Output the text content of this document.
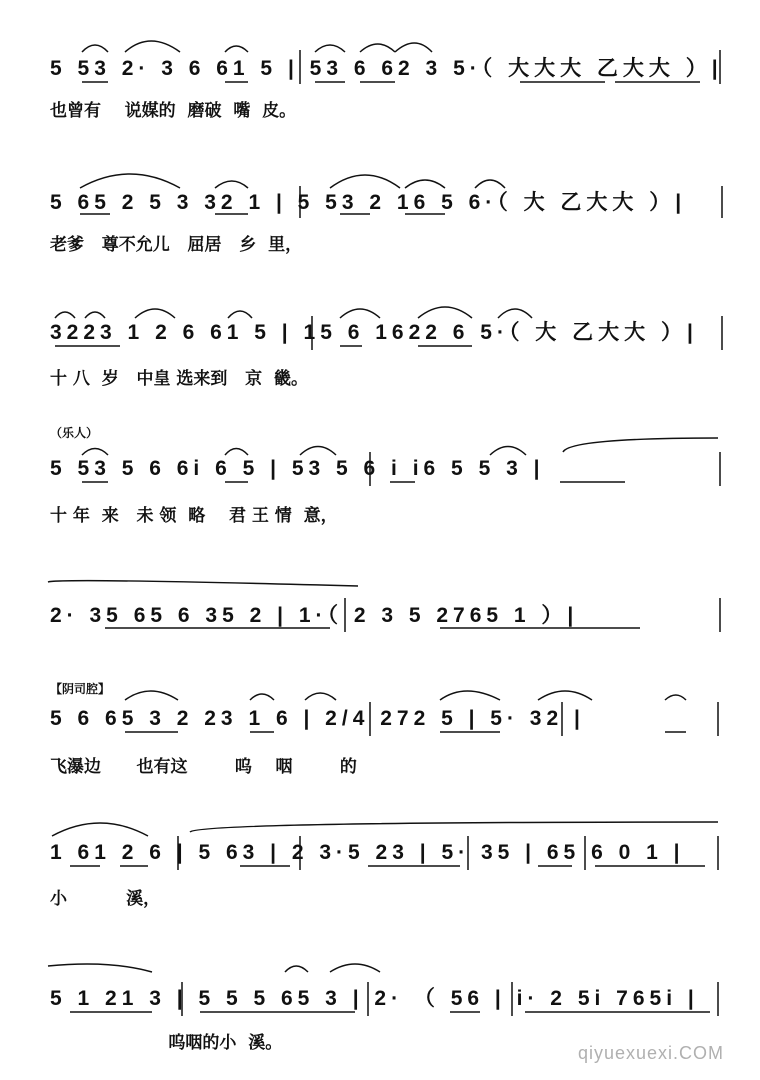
5 53 2· 3 6 61 5 | 53 6 62 3 5·（ 大大大 乙大大 ）|
也曾有    说媒的  磨破  嘴  皮。
5 65 2 5 3 32 1 | 5 53 2 16 5 6·（ 大 乙大大 ）|
老爹   尊不允儿   屈居   乡  里，
3223 1 2 6 61 5 | 15 6 1622 6 5·（ 大 乙大大 ）|
十 八  岁   中皇 选来到   京  畿。
（乐人）
5 53 5 6 6i 6 5 | 53 5 6 i i6 5 5 3 |
十 年  来   未 领  略    君 王 情  意，
2· 35 65 6 35 2 | 1·（ 2 3 5 2765 1 ）|
【阴司腔】
5 6 65 3 2 23 1 6 | 2/4 272 5 | 5· 32 |
飞瀑边      也有这        呜    咽        的
1 61 2 6 | 5 63 | 2 3·5 23 | 5· 35 | 65 6 0 1 |
小          溪，
5 1 21 3 | 5 5 5 65 3 | 2· （ 56 | i· 2 5i 765i |
呜咽的小  溪。	qiyuexuexi.COM
